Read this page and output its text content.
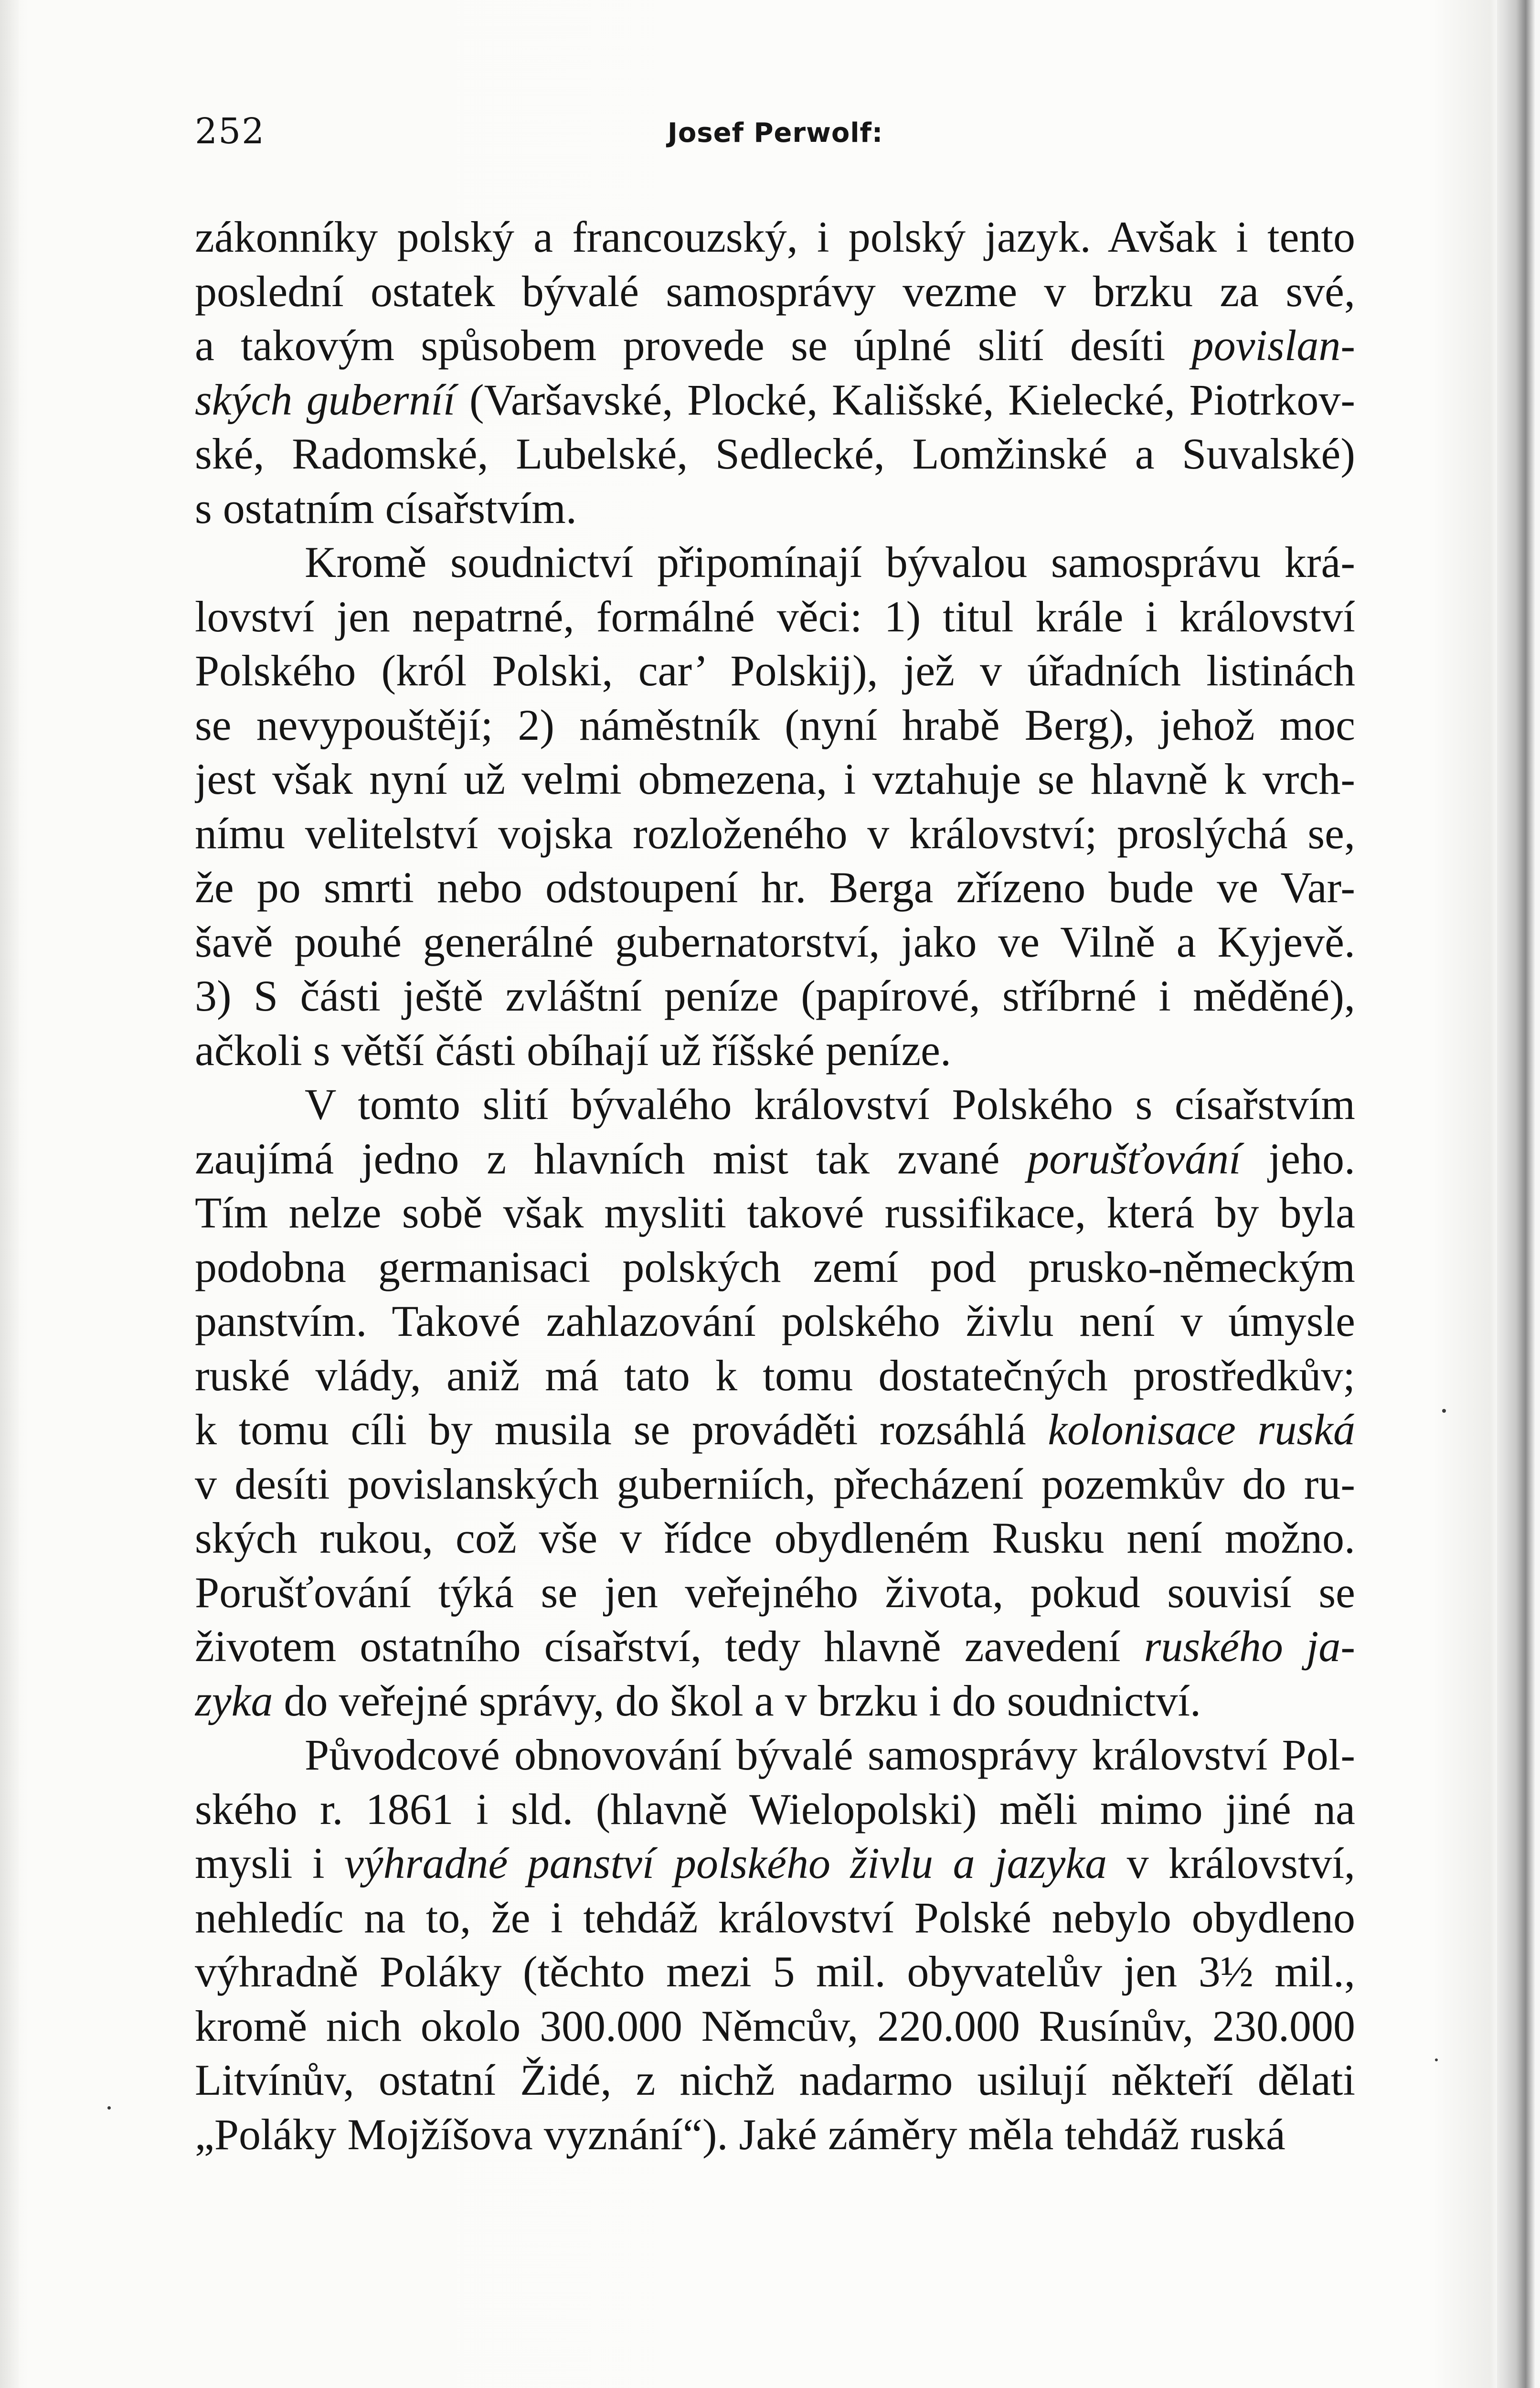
252	Josef Perwolf:
zákonníky polský a francouzský, i polský jazyk. Avšak i tento
poslední ostatek bývalé samosprávy vezme v brzku za své,
a takovým spůsobem provede se úplné slití desíti povislan-
ských guberníí (Varšavské, Plocké, Kališské, Kielecké, Piotrkov-
ské, Radomské, Lubelské, Sedlecké, Lomžinské a Suvalské)
s ostatním císařstvím.
Kromě soudnictví připomínají bývalou samosprávu krá-
lovství jen nepatrné, formálné věci: 1) titul krále i království
Polského (król Polski, car’ Polskij), jež v úřadních listinách
se nevypouštějí; 2) náměstník (nyní hrabě Berg), jehož moc
jest však nyní už velmi obmezena, i vztahuje se hlavně k vrch-
nímu velitelství vojska rozloženého v království; proslýchá se,
že po smrti nebo odstoupení hr. Berga zřízeno bude ve Var-
šavě pouhé generálné gubernatorství, jako ve Vilně a Kyjevě.
3) S části ještě zvláštní peníze (papírové, stříbrné i měděné),
ačkoli s větší části obíhají už říšské peníze.
V tomto slití bývalého království Polského s císařstvím
zaujímá jedno z hlavních mist tak zvané porušťování jeho.
Tím nelze sobě však mysliti takové russifikace, která by byla
podobna germanisaci polských zemí pod prusko-německým
panstvím. Takové zahlazování polského živlu není v úmysle
ruské vlády, aniž má tato k tomu dostatečných prostředkův;
k tomu cíli by musila se prováděti rozsáhlá kolonisace ruská
v desíti povislanských guberniích, přecházení pozemkův do ru-
ských rukou, což vše v řídce obydleném Rusku není možno.
Porušťování týká se jen veřejného života, pokud souvisí se
životem ostatního císařství, tedy hlavně zavedení ruského ja-
zyka do veřejné správy, do škol a v brzku i do soudnictví.
Původcové obnovování bývalé samosprávy království Pol-
ského r. 1861 i sld. (hlavně Wielopolski) měli mimo jiné na
mysli i výhradné panství polského živlu a jazyka v království,
nehledíc na to, že i tehdáž království Polské nebylo obydleno
výhradně Poláky (těchto mezi 5 mil. obyvatelův jen 3½ mil.,
kromě nich okolo 300.000 Němcův, 220.000 Rusínův, 230.000
Litvínův, ostatní Židé, z nichž nadarmo usilují někteří dělati
„Poláky Mojžíšova vyznání“). Jaké záměry měla tehdáž ruská
